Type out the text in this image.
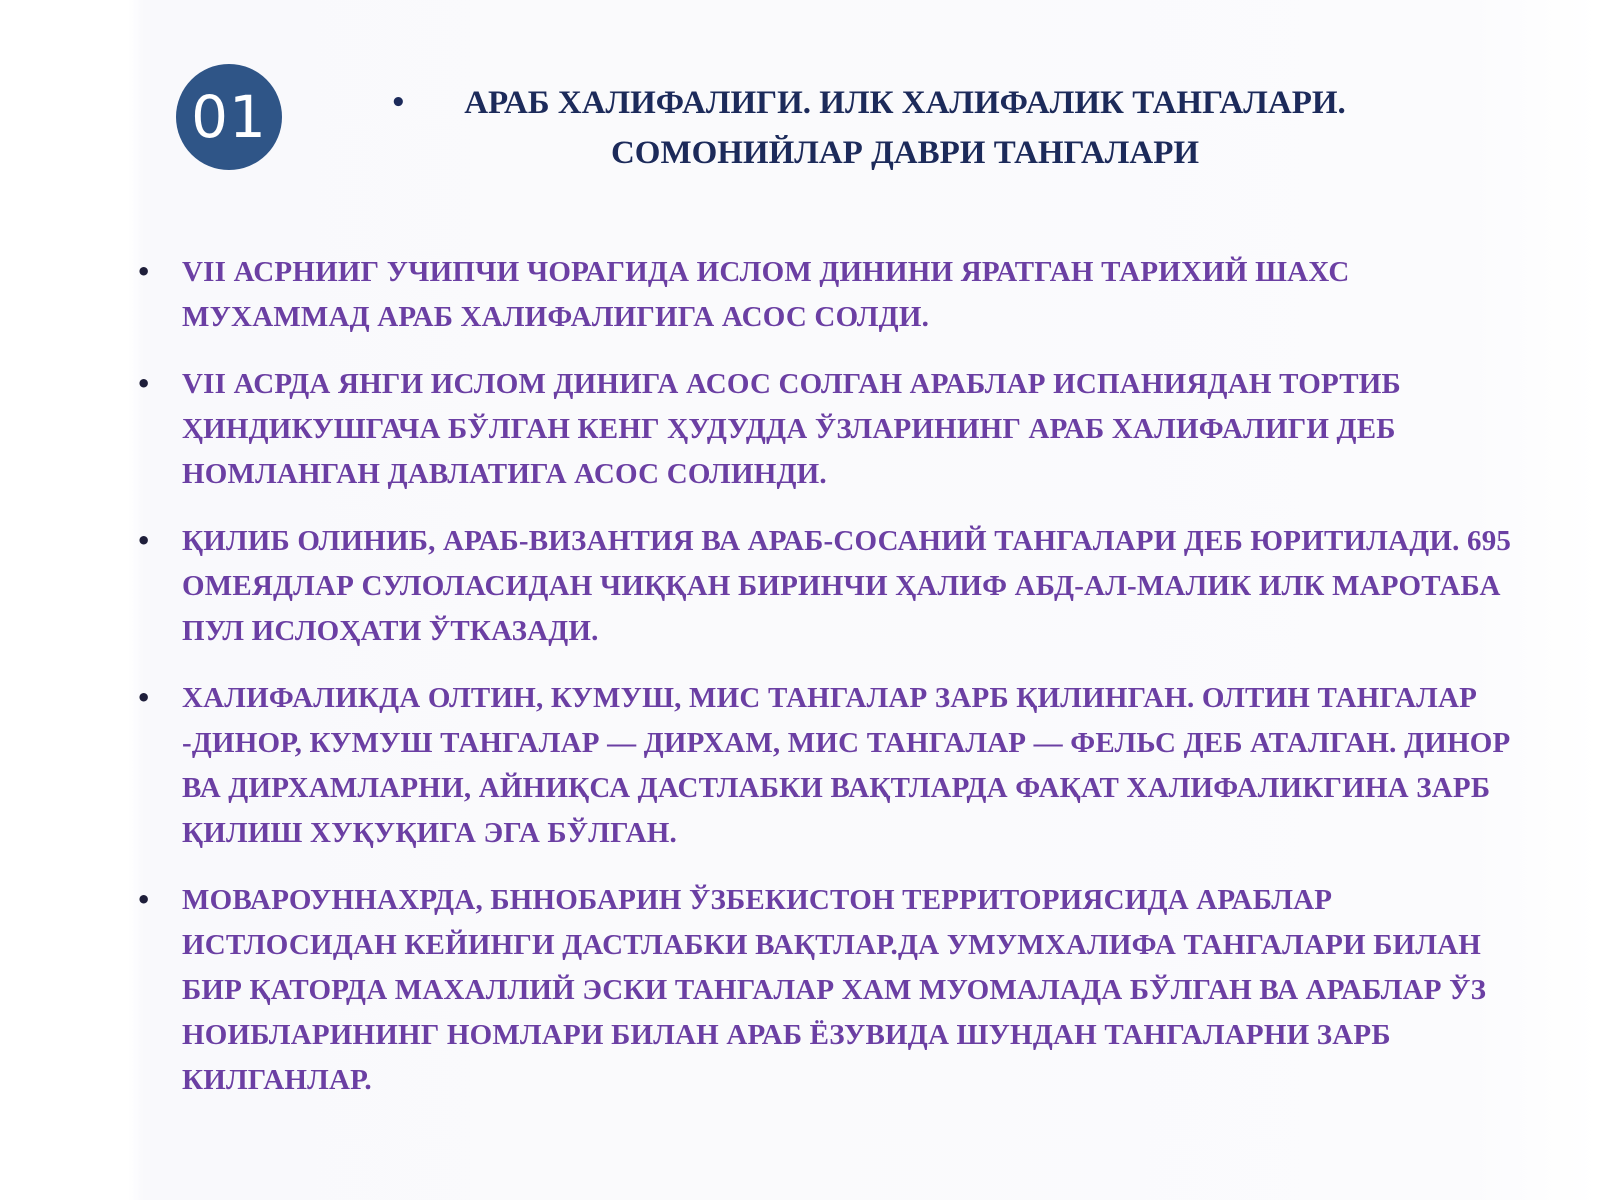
01	• АРАБ ХАЛИФАЛИГИ. ИЛК ХАЛИФАЛИК ТАНГАЛАРИ.
СОМОНИЙЛАР ДАВРИ ТАНГАЛАРИ
• VII АСРНИИГ УЧИПЧИ ЧОРАГИДА ИСЛОМ ДИНИНИ ЯРАТГАН ТАРИХИЙ ШАХС МУХАММАД АРАБ ХАЛИФАЛИГИГА АСОС СОЛДИ.
• VII АСРДА ЯНГИ ИСЛОМ ДИНИГА АСОС СОЛГАН АРАБЛАР ИСПАНИЯДАН ТОРТИБ ҲИНДИКУШГАЧА БЎЛГАН КЕНГ ҲУДУДДА ЎЗЛАРИНИНГ АРАБ ХАЛИФАЛИГИ ДЕБ НОМЛАНГАН ДАВЛАТИГА АСОС СОЛИНДИ.
• ҚИЛИБ ОЛИНИБ, АРАБ-ВИЗАНТИЯ ВА АРАБ-СОСАНИЙ ТАНГАЛАРИ ДЕБ ЮРИТИЛАДИ. 695 ОМЕЯДЛАР СУЛОЛАСИДАН ЧИҚҚАН БИРИНЧИ ҲАЛИФ АБД-АЛ-МАЛИК ИЛК МАРОТАБА ПУЛ ИСЛОҲАТИ ЎТКАЗАДИ.
• ХАЛИФАЛИКДА ОЛТИН, КУМУШ, МИС ТАНГАЛАР ЗАРБ ҚИЛИНГАН. ОЛТИН ТАНГАЛАР -ДИНОР, КУМУШ ТАНГАЛАР — ДИРХАМ, МИС ТАНГАЛАР — ФЕЛЬС ДЕБ АТАЛГАН. ДИНОР ВА ДИРХАМЛАРНИ, АЙНИҚСА ДАСТЛАБКИ ВАҚТЛАРДА ФАҚАТ ХАЛИФАЛИКГИНА ЗАРБ ҚИЛИШ ХУҚУҚИГА ЭГА БЎЛГАН.
• МОВАРОУННАХРДА, БННОБАРИН ЎЗБЕКИСТОН ТЕРРИТОРИЯСИДА АРАБЛАР ИСТЛОСИДАН КЕЙИНГИ ДАСТЛАБКИ ВАҚТЛАР.ДА УМУМХАЛИФА ТАНГАЛАРИ БИЛАН БИР ҚАТОРДА МАХАЛЛИЙ ЭСКИ ТАНГАЛАР ХАМ МУОМАЛАДА БЎЛГАН ВА АРАБЛАР ЎЗ НОИБЛАРИНИНГ НОМЛАРИ БИЛАН АРАБ ЁЗУВИДА ШУНДАН ТАНГАЛАРНИ ЗАРБ КИЛГАНЛАР.
